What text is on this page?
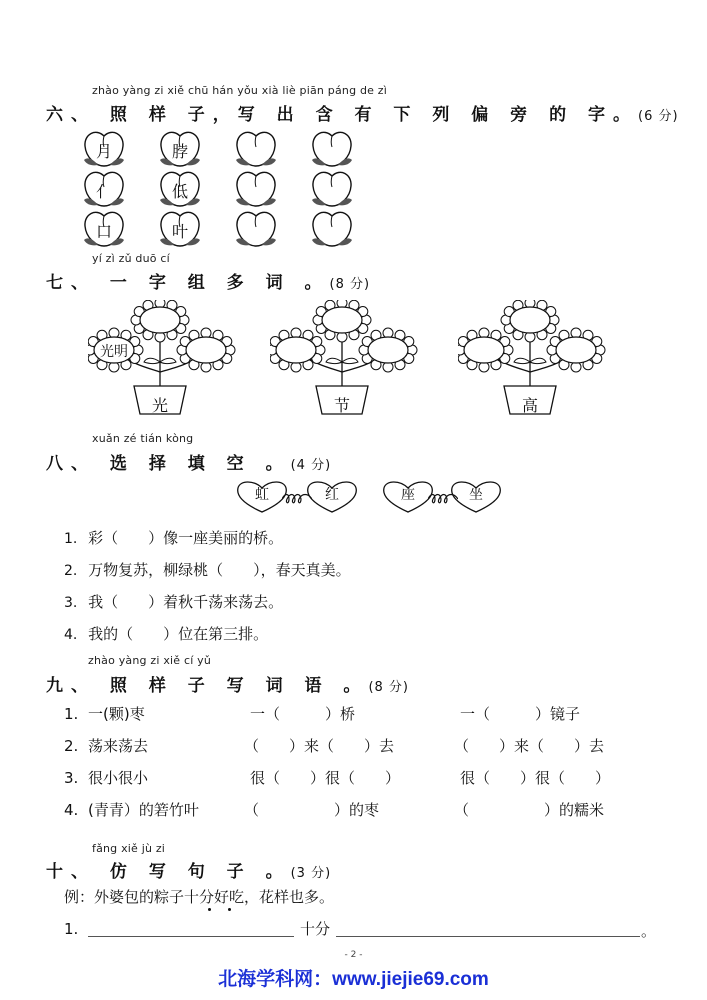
zhào yàng zi xiě chū hán yǒu xià liè piān páng de zì
六、 照 样 子，写 出 含 有 下 列 偏 旁 的 字。(6 分)
月	脖
亻	低
口	叶
yí zì zǔ duō cí
七、 一 字 组 多 词 。(8 分)
光
光明
节	高
xuǎn zé tián kòng
八、 选 择 填 空 。(4 分)
虹	红	座	坐
1. 彩（　　）像一座美丽的桥。
2. 万物复苏，柳绿桃（　　），春天真美。
3. 我（　　）着秋千荡来荡去。
4. 我的（　　）位在第三排。
zhào yàng zi xiě cí yǔ
九、 照 样 子 写 词 语 。(8 分)
1. 一(颗)枣	一（　　　）桥	一（　　　）镜子
2. 荡来荡去	（　　）来（　　）去	（　　）来（　　）去
3. 很小很小	很（　　）很（　　）	很（　　）很（　　）
4. (青青）的箬竹叶	（　　　　　）的枣	（　　　　　）的糯米
fǎng xiě jù zi
十、 仿 写 句 子 。(3 分)
例：外婆包的粽子十分好吃，花样也多。
1.	十分	。
- 2 -
北海学科网：www.jiejie69.com
